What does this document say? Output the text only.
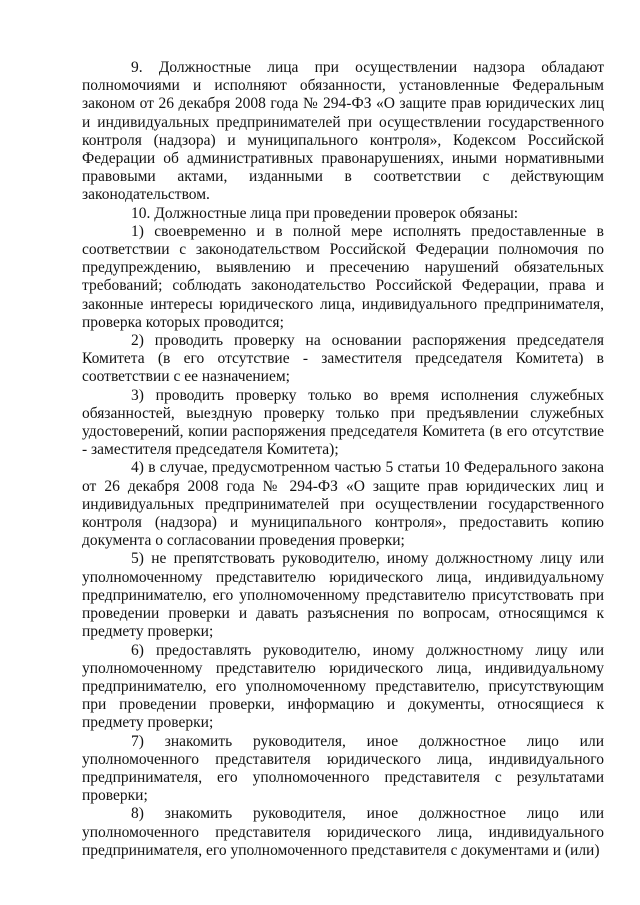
9. Должностные лица при осуществлении надзора обладают полномочиями и исполняют обязанности, установленные Федеральным законом от 26 декабря 2008 года № 294-ФЗ «О защите прав юридических лиц и индивидуальных предпринимателей при осуществлении государственного контроля (надзора) и муниципального контроля», Кодексом Российской Федерации об административных правонарушениях, иными нормативными правовыми актами, изданными в соответствии с действующим законодательством.

10. Должностные лица при проведении проверок обязаны:

1) своевременно и в полной мере исполнять предоставленные в соответствии с законодательством Российской Федерации полномочия по предупреждению, выявлению и пресечению нарушений обязательных требований; соблюдать законодательство Российской Федерации, права и законные интересы юридического лица, индивидуального предпринимателя, проверка которых проводится;

2) проводить проверку на основании распоряжения председателя Комитета (в его отсутствие - заместителя председателя Комитета) в соответствии с ее назначением;

3) проводить проверку только во время исполнения служебных обязанностей, выездную проверку только при предъявлении служебных удостоверений, копии распоряжения председателя Комитета (в его отсутствие - заместителя председателя Комитета);

4) в случае, предусмотренном частью 5 статьи 10 Федерального закона от 26 декабря 2008 года № 294-ФЗ «О защите прав юридических лиц и индивидуальных предпринимателей при осуществлении государственного контроля (надзора) и муниципального контроля», предоставить копию документа о согласовании проведения проверки;

5) не препятствовать руководителю, иному должностному лицу или уполномоченному представителю юридического лица, индивидуальному предпринимателю, его уполномоченному представителю присутствовать при проведении проверки и давать разъяснения по вопросам, относящимся к предмету проверки;

6) предоставлять руководителю, иному должностному лицу или уполномоченному представителю юридического лица, индивидуальному предпринимателю, его уполномоченному представителю, присутствующим при проведении проверки, информацию и документы, относящиеся к предмету проверки;

7) знакомить руководителя, иное должностное лицо или уполномоченного представителя юридического лица, индивидуального предпринимателя, его уполномоченного представителя с результатами проверки;

8) знакомить руководителя, иное должностное лицо или уполномоченного представителя юридического лица, индивидуального предпринимателя, его уполномоченного представителя с документами и (или)
